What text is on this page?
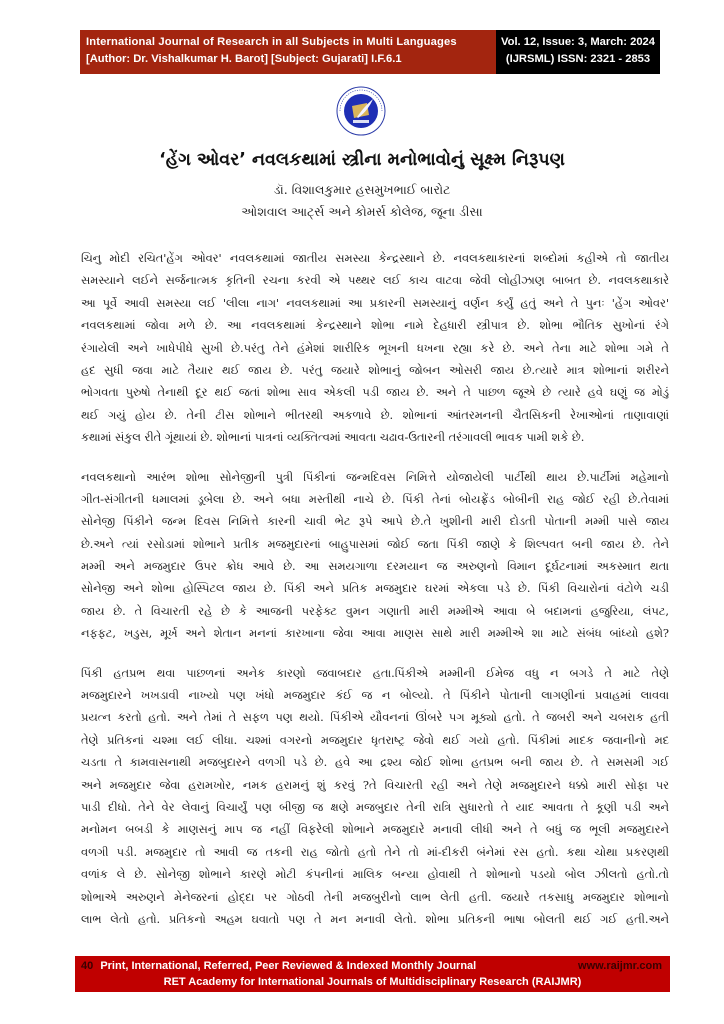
International Journal of Research in all Subjects in Multi Languages
[Author: Dr. Vishalkumar H. Barot] [Subject: Gujarati] I.F.6.1
Vol. 12, Issue: 3, March: 2024
(IJRSML) ISSN: 2321 - 2853
‘હેંગ ઓવર’ નવલકથામાં સ્ત્રીના મનોભાવોનું સૂક્ષ્મ નિરૂપણ
ડૉ. વિશાલકુમાર હસમુખભાઈ બારોટ
ઓશવાલ આર્ટ્સ અને કોમર્સ કોલેજ, જૂના ડીસા
ચિનુ મોદી રચિત'હેંગ ઓવર' નવલકથામાં જાતીય સમસ્યા કેન્દ્રસ્થાને છે. નવલકથાકારનાં શબ્દોમાં કહીએ તો જાતીય
સમસ્યાને લઈને સર્જનાત્મક કૃતિની રચના કરવી એ પથ્થર લઈ કાચ વાટવા જેવી લોહીઝાણ બાબત છે. નવલકથાકારે
આ પૂર્વે આવી સમસ્યા લઈ 'લીલા નાગ' નવલકથામાં આ પ્રકારની સમસ્યાનું વર્ણન કર્યું હતું અને તે પુનઃ 'હેંગ ઓવર'
નવલકથામાં જોવા મળે છે. આ નવલકથામાં કેન્દ્રસ્થાને શોભા નામે દેહધારી સ્ત્રીપાત્ર છે. શોભા ભૌતિક સુખોનાં રંગે
રંગાયેલી અને ખાધેપીધે સુખી છે.પરંતુ તેને હંમેશાં શારીરિક ભૂખની ધખના રહ્યા કરે છે. અને તેના માટે શોભા ગમે તે
હદ સુધી જવા માટે તૈયાર થઈ જાય છે. પરંતુ જયારે શોભાનું જોબન ઓસરી જાય છે.ત્યારે માત્ર શોભાનાં શરીરને
ભોગવતા પુરુષો તેનાથી દૂર થઈ જતાં શોભા સાવ એકલી પડી જાય છે. અને તે પાછળ જૂએ છે ત્યારે હવે ઘણું જ મોડું
થઈ ગયું હોય છે. તેની ટીસ શોભાને ભીતરથી અકળાવે છે. શોભાનાં આંતરમનની ચૈતસિકની રેખાઓનાં તાણાવાણાં
કથામાં સંકુલ રીતે ગૂંથાયાં છે. શોભાનાં પાત્રનાં વ્યક્તિત્વમાં આવતા ચઢાવ-ઉતારની તરંગાવલી ભાવક પામી શકે છે.
નવલકથાનો આરંભ શોભા સોનેજીની પુત્રી પિંકીનાં જન્મદિવસ નિમિત્તે યોજાયેલી પાર્ટીથી થાય છે.પાર્ટીમાં મહેમાનો
ગીત-સંગીતની ધમાલમાં ડૂબેલા છે. અને બધા મસ્તીથી નાચે છે. પિંકી તેનાં બોયફ્રેંડ બોબીની રાહ જોઈ રહી છે.તેવામાં
સોનેજી પિંકીને જન્મ દિવસ નિમિત્તે કારની ચાવી ભેટ રૂપે આપે છે.તે ખુશીની મારી દોડતી પોતાની મમ્મી પાસે જાય
છે.અને ત્યાં રસોડામાં શોભાને પ્રતીક મજમુદારનાં બાહુપાસમાં જોઈ જતા પિંકી જાણે કે શિલ્પવત બની જાય છે. તેને
મમ્મી અને મજમુદાર ઉપર ક્રોધ આવે છે. આ સમયગાળા દરમયાન જ અરુણનો વિમાન દૂર્ઘટનામાં અકસ્માત થતા
સોનેજી અને શોભા હોસ્પિટલ જાય છે. પિંકી અને પ્રતિક મજમુદાર ઘરમાં એકલા પડે છે. પિંકી વિચારોનાં વંટોળે ચડી
જાય છે. તે વિચારતી રહે છે કે આજની પરફેક્ટ વુમન ગણાતી મારી મમ્મીએ આવા બે બદામનાં હજુરિયા, લંપટ,
નફફટ, ખડુસ, મૂર્ખ અને શેતાન મનનાં કારખાના જેવા આવા માણસ સાથે મારી મમ્મીએ શા માટે સંબંધ બાંધ્યો હશે?
પિંકી હતપ્રભ થવા પાછળનાં અનેક કારણો જવાબદાર હતા.પિંકીએ મમ્મીની ઈમેજ વધુ ન બગડે તે માટે તેણે
મજમુદારને ખખડાવી નાખ્યો પણ ખંધો મજમુદાર કંઈ જ ન બોલ્યો. તે પિંકીને પોતાની લાગણીનાં પ્રવાહમાં લાવવા
પ્રયત્ન કરતો હતો. અને તેમાં તે સફળ પણ થયો. પિંકીએ યૌવનનાં ઊંબરે પગ મૂક્યો હતો. તે જબરી અને ચબરાક હતી
તેણે પ્રતિકનાં ચશ્મા લઈ લીધા. ચશ્માં વગરનો મજમુદાર ધૃતરાષ્ટ્ર જેવો થઈ ગયો હતો. પિંકીમાં માદક જવાનીનો મદ
ચડતા તે કામવાસનાથી મજબુદારને વળગી પડે છે. હવે આ દ્રશ્ય જોઈ શોભા હતપ્રભ બની જાય છે. તે સમસમી ગઈ
અને મજમુદાર જેવા હરામખોર, નમક હરામનું શું કરવું ?તે વિચારતી રહી અને તેણે મજમુદારને ધક્કો મારી સોફા પર
પાડી દીધો. તેને વેર લેવાનું વિચાર્યું પણ બીજી જ ક્ષણે મજબુદાર તેની રાત્રિ સુધારતો તે યાદ આવતા તે કૂણી પડી અને
મનોમન બબડી કે માણસનું માપ જ નહીં વિફરેલી શોભાને મજમુદારે મનાવી લીધી અને તે બધું જ ભૂલી મજમુદારને
વળગી પડી. મજમુદાર તો આવી જ તકની રાહ જોતો હતો તેને તો માં-દીકરી બંનેમાં રસ હતો. કથા ચોથા પ્રકરણથી
વળાંક લે છે. સોનેજી શોભાને કારણે મોટી કંપનીનાં માલિક બન્યા હોવાથી તે શોભાનો પડયો બોલ ઝીલતો હતો.તો
શોભાએ અરુણને મેનેજરનાં હોદ્દા પર ગોઠવી તેની મજબુરીનો લાભ લેતી હતી. જયારે તકસાધુ મજમુદાર શોભાનો
લાભ લેતો હતો. પ્રતિકનો અહમ ઘવાતો પણ તે મન મનાવી લેતો. શોભા પ્રતિકની ભાષા બોલતી થઈ ગઈ હતી.અને
40 Print, International, Referred, Peer Reviewed & Indexed Monthly Journal	www.raijmr.com
RET Academy for International Journals of Multidisciplinary Research (RAIJMR)
